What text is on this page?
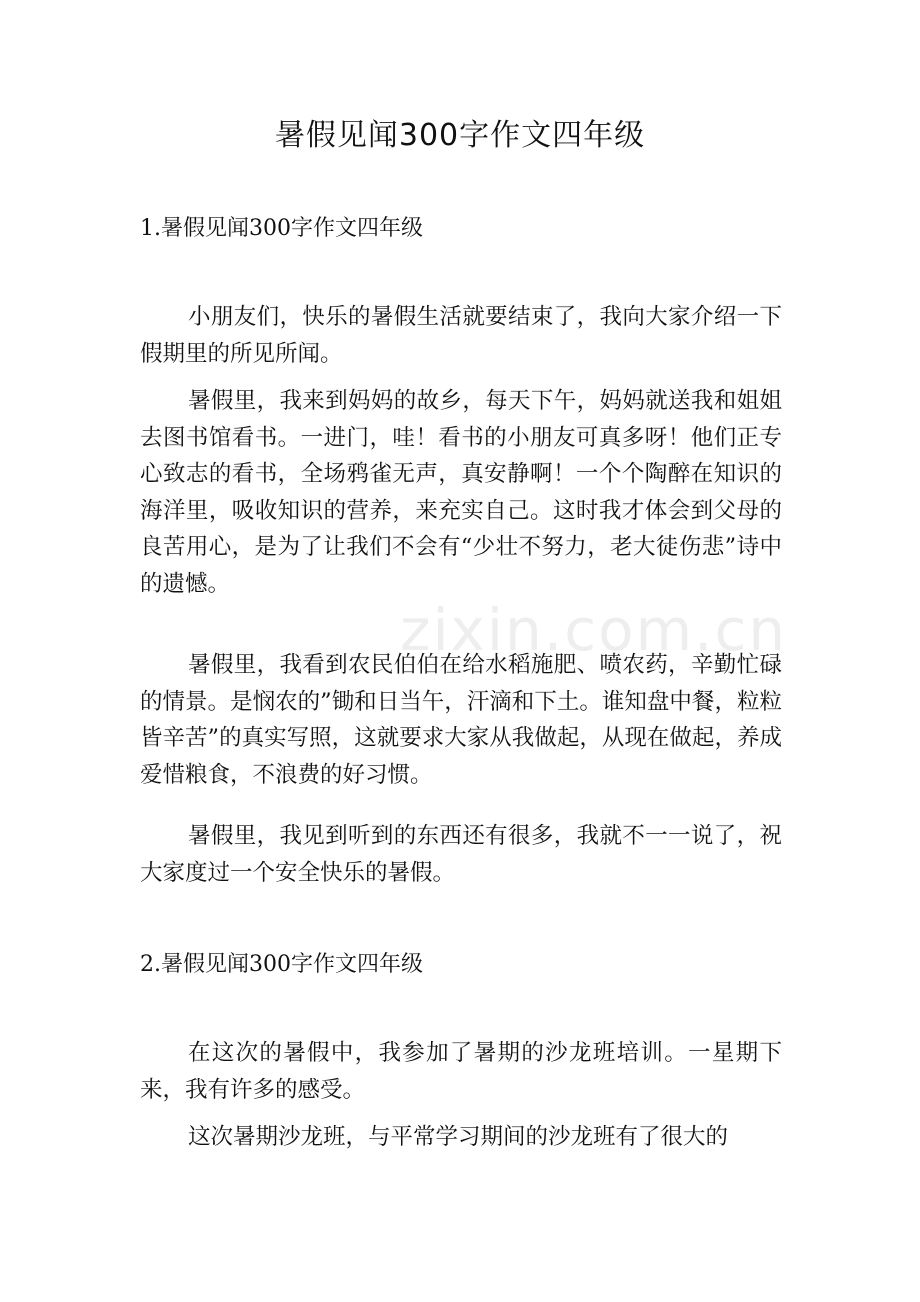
zixin.com.cn
暑假见闻300字作文四年级
1.暑假见闻300字作文四年级

小朋友们，快乐的暑假生活就要结束了，我向大家介绍一下假期里的所见所闻。

暑假里，我来到妈妈的故乡，每天下午，妈妈就送我和姐姐去图书馆看书。一进门，哇！看书的小朋友可真多呀！他们正专心致志的看书，全场鸦雀无声，真安静啊！一个个陶醉在知识的海洋里，吸收知识的营养，来充实自己。这时我才体会到父母的良苦用心，是为了让我们不会有“少壮不努力，老大徒伤悲”诗中的遗憾。

暑假里，我看到农民伯伯在给水稻施肥、喷农药，辛勤忙碌的情景。是悯农的”锄和日当午，汗滴和下土。谁知盘中餐，粒粒皆辛苦”的真实写照，这就要求大家从我做起，从现在做起，养成爱惜粮食，不浪费的好习惯。

暑假里，我见到听到的东西还有很多，我就不一一说了，祝大家度过一个安全快乐的暑假。

2.暑假见闻300字作文四年级

在这次的暑假中，我参加了暑期的沙龙班培训。一星期下来，我有许多的感受。

这次暑期沙龙班，与平常学习期间的沙龙班有了很大的
